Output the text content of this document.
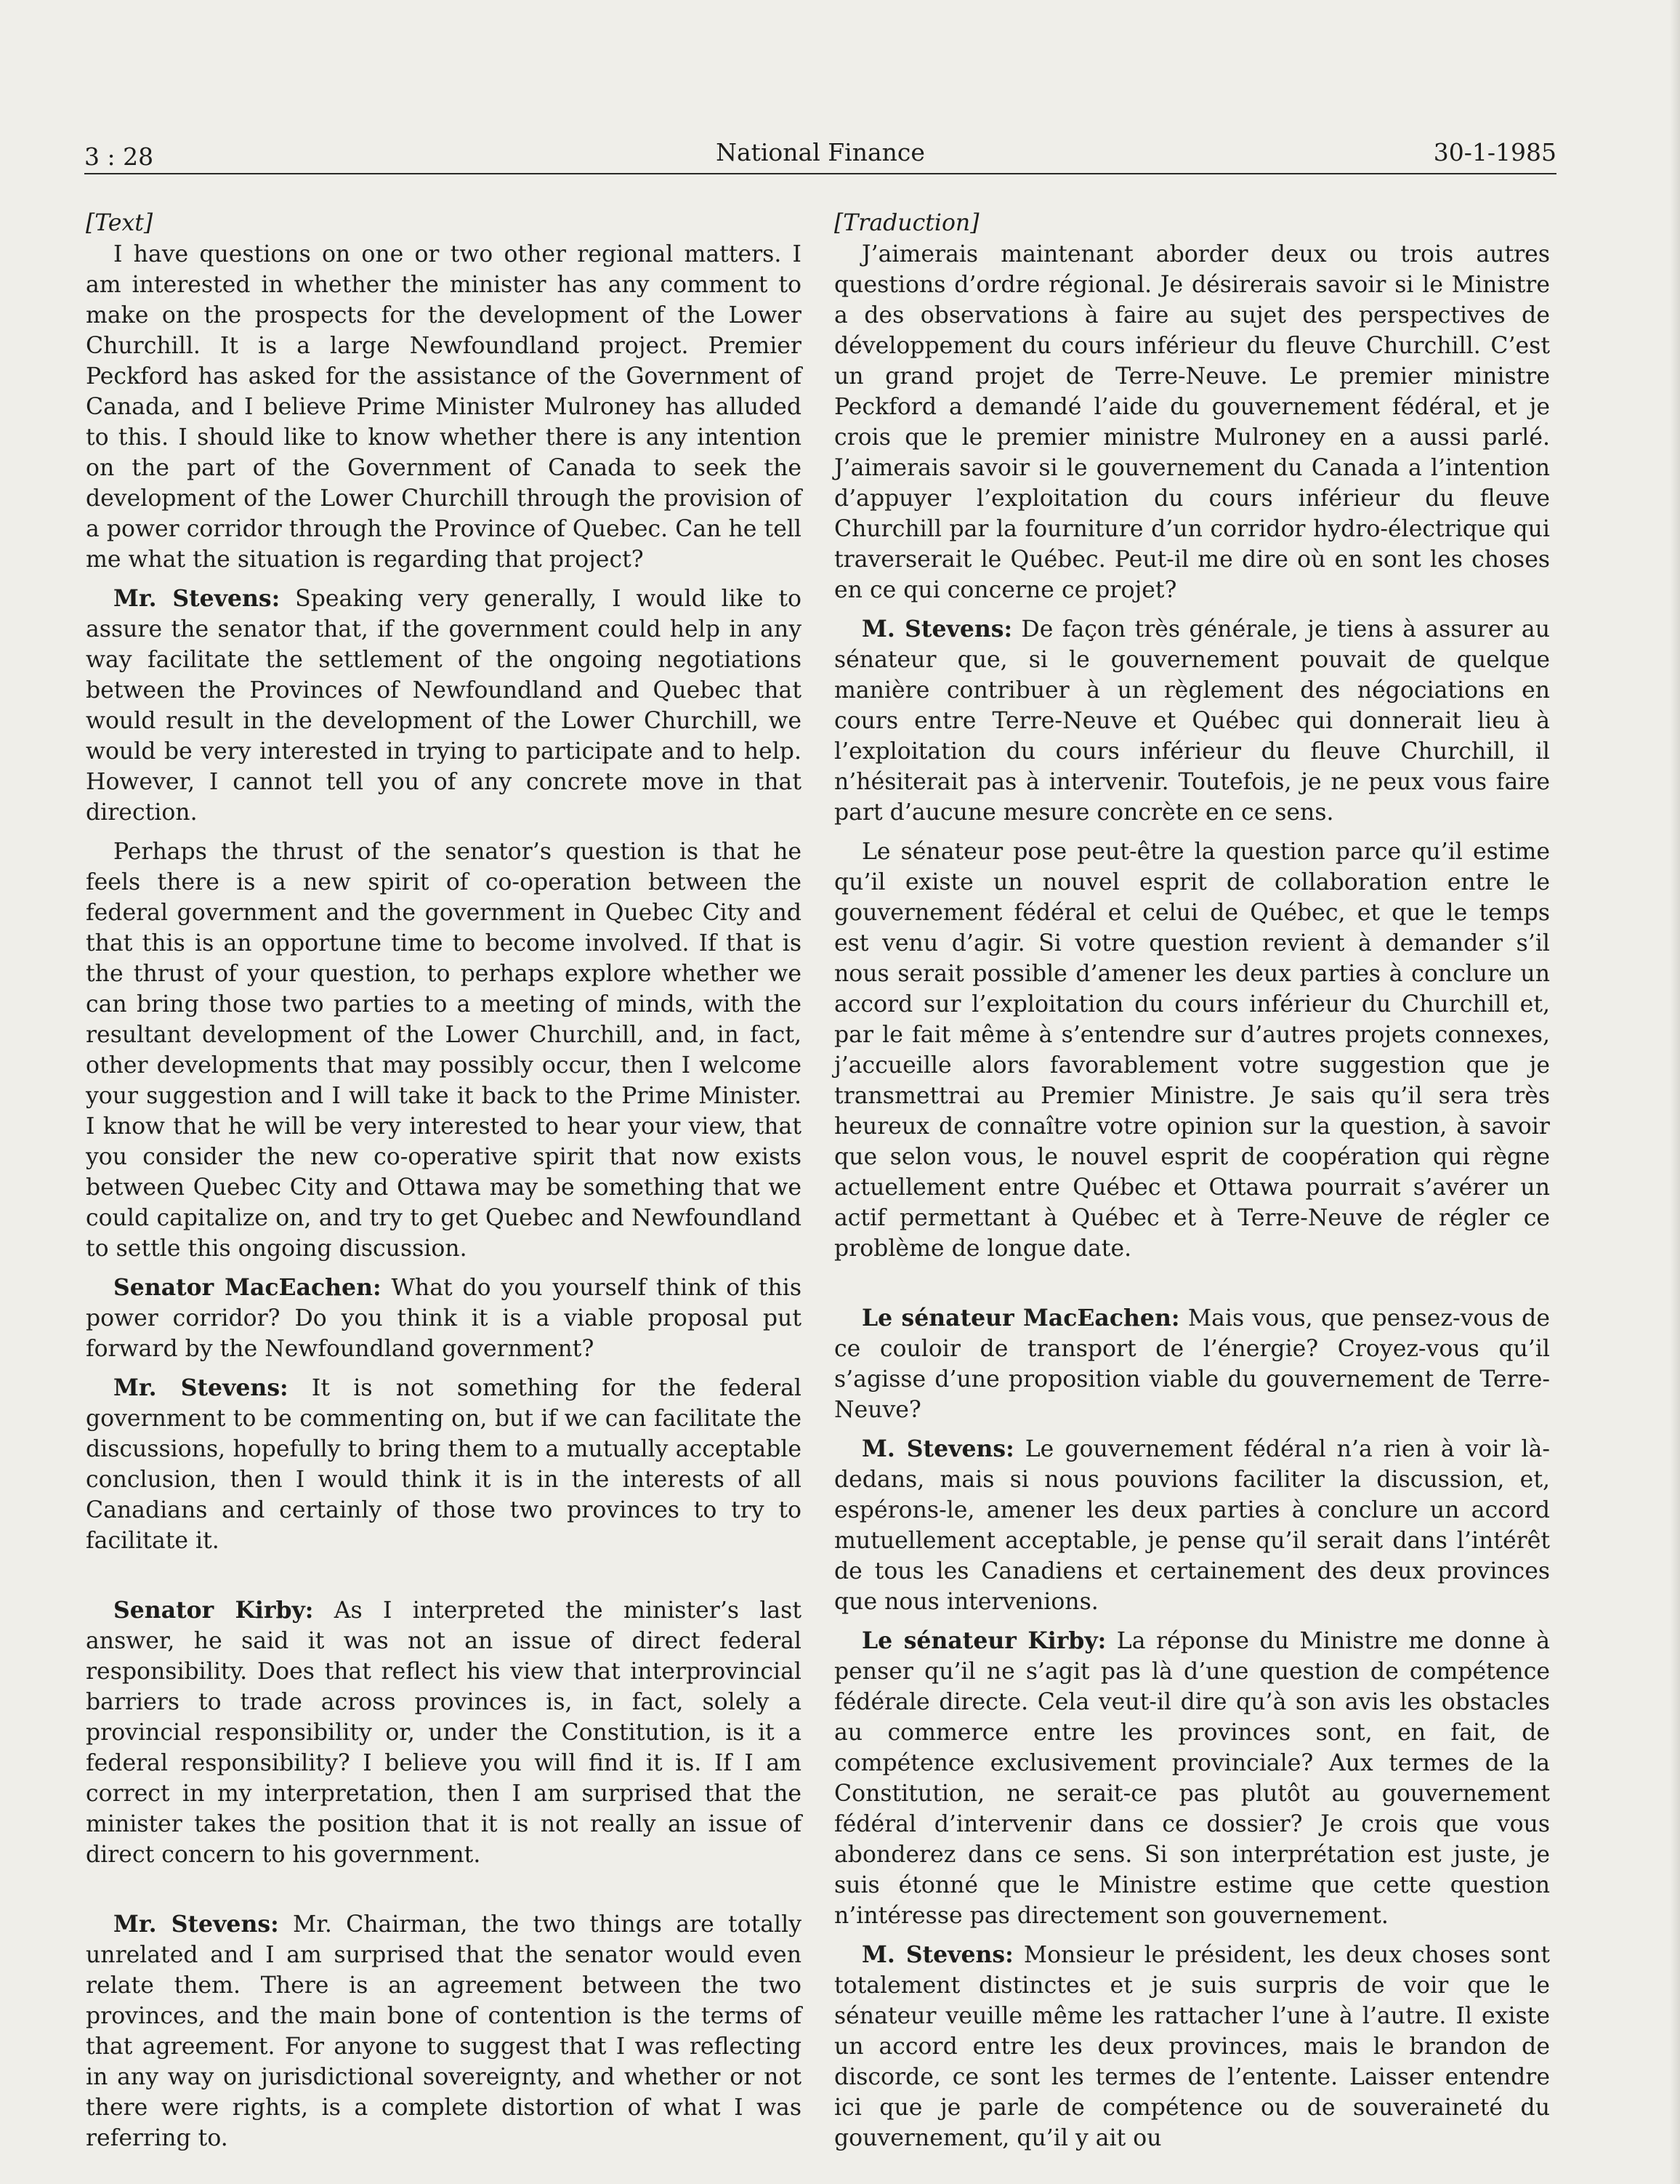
3 : 28	National Finance	30-1-1985
[Text]

I have questions on one or two other regional matters. I am interested in whether the minister has any comment to make on the prospects for the development of the Lower Churchill. It is a large Newfoundland project. Premier Peckford has asked for the assistance of the Government of Canada, and I believe Prime Minister Mulroney has alluded to this. I should like to know whether there is any intention on the part of the Government of Canada to seek the development of the Lower Churchill through the provision of a power corridor through the Province of Quebec. Can he tell me what the situation is regarding that project?

Mr. Stevens: Speaking very generally, I would like to assure the senator that, if the government could help in any way facilitate the settlement of the ongoing negotiations between the Provinces of Newfoundland and Quebec that would result in the development of the Lower Churchill, we would be very interested in trying to participate and to help. However, I cannot tell you of any concrete move in that direction.

Perhaps the thrust of the senator’s question is that he feels there is a new spirit of co-operation between the federal government and the government in Quebec City and that this is an opportune time to become involved. If that is the thrust of your question, to perhaps explore whether we can bring those two parties to a meeting of minds, with the resultant development of the Lower Churchill, and, in fact, other developments that may possibly occur, then I welcome your suggestion and I will take it back to the Prime Minister. I know that he will be very interested to hear your view, that you consider the new co-operative spirit that now exists between Quebec City and Ottawa may be something that we could capitalize on, and try to get Quebec and Newfoundland to settle this ongoing discussion.

Senator MacEachen: What do you yourself think of this power corridor? Do you think it is a viable proposal put forward by the Newfoundland government?

Mr. Stevens: It is not something for the federal government to be commenting on, but if we can facilitate the discussions, hopefully to bring them to a mutually acceptable conclusion, then I would think it is in the interests of all Canadians and certainly of those two provinces to try to facilitate it.

Senator Kirby: As I interpreted the minister’s last answer, he said it was not an issue of direct federal responsibility. Does that reflect his view that interprovincial barriers to trade across provinces is, in fact, solely a provincial responsibility or, under the Constitution, is it a federal responsibility? I believe you will find it is. If I am correct in my interpretation, then I am surprised that the minister takes the position that it is not really an issue of direct concern to his government.

Mr. Stevens: Mr. Chairman, the two things are totally unrelated and I am surprised that the senator would even relate them. There is an agreement between the two provinces, and the main bone of contention is the terms of that agreement. For anyone to suggest that I was reflecting in any way on jurisdictional sovereignty, and whether or not there were rights, is a complete distortion of what I was referring to.

[Traduction]

J’aimerais maintenant aborder deux ou trois autres questions d’ordre régional. Je désirerais savoir si le Ministre a des observations à faire au sujet des perspectives de développement du cours inférieur du fleuve Churchill. C’est un grand projet de Terre-Neuve. Le premier ministre Peckford a demandé l’aide du gouvernement fédéral, et je crois que le premier ministre Mulroney en a aussi parlé. J’aimerais savoir si le gouvernement du Canada a l’intention d’appuyer l’exploitation du cours inférieur du fleuve Churchill par la fourniture d’un corridor hydro-électrique qui traverserait le Québec. Peut-il me dire où en sont les choses en ce qui concerne ce projet?

M. Stevens: De façon très générale, je tiens à assurer au sénateur que, si le gouvernement pouvait de quelque manière contribuer à un règlement des négociations en cours entre Terre-Neuve et Québec qui donnerait lieu à l’exploitation du cours inférieur du fleuve Churchill, il n’hésiterait pas à intervenir. Toutefois, je ne peux vous faire part d’aucune mesure concrète en ce sens.

Le sénateur pose peut-être la question parce qu’il estime qu’il existe un nouvel esprit de collaboration entre le gouvernement fédéral et celui de Québec, et que le temps est venu d’agir. Si votre question revient à demander s’il nous serait possible d’amener les deux parties à conclure un accord sur l’exploitation du cours inférieur du Churchill et, par le fait même à s’entendre sur d’autres projets connexes, j’accueille alors favorablement votre suggestion que je transmettrai au Premier Ministre. Je sais qu’il sera très heureux de connaître votre opinion sur la question, à savoir que selon vous, le nouvel esprit de coopération qui règne actuellement entre Québec et Ottawa pourrait s’avérer un actif permettant à Québec et à Terre-Neuve de régler ce problème de longue date.

Le sénateur MacEachen: Mais vous, que pensez-vous de ce couloir de transport de l’énergie? Croyez-vous qu’il s’agisse d’une proposition viable du gouvernement de Terre-Neuve?

M. Stevens: Le gouvernement fédéral n’a rien à voir là-dedans, mais si nous pouvions faciliter la discussion, et, espérons-le, amener les deux parties à conclure un accord mutuellement acceptable, je pense qu’il serait dans l’intérêt de tous les Canadiens et certainement des deux provinces que nous intervenions.

Le sénateur Kirby: La réponse du Ministre me donne à penser qu’il ne s’agit pas là d’une question de compétence fédérale directe. Cela veut-il dire qu’à son avis les obstacles au commerce entre les provinces sont, en fait, de compétence exclusivement provinciale? Aux termes de la Constitution, ne serait-ce pas plutôt au gouvernement fédéral d’intervenir dans ce dossier? Je crois que vous abonderez dans ce sens. Si son interprétation est juste, je suis étonné que le Ministre estime que cette question n’intéresse pas directement son gouvernement.

M. Stevens: Monsieur le président, les deux choses sont totalement distinctes et je suis surpris de voir que le sénateur veuille même les rattacher l’une à l’autre. Il existe un accord entre les deux provinces, mais le brandon de discorde, ce sont les termes de l’entente. Laisser entendre ici que je parle de compétence ou de souveraineté du gouvernement, qu’il y ait ou
